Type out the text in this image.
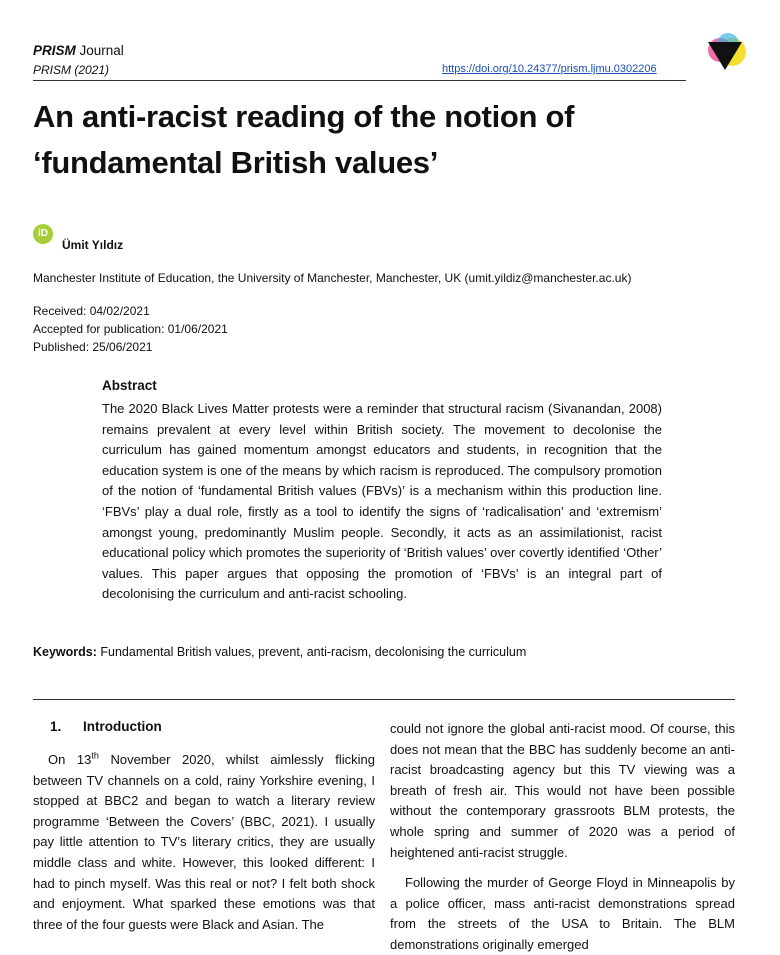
PRISM Journal
PRISM (2021)	https://doi.org/10.24377/prism.ljmu.0302206
An anti-racist reading of the notion of ‘fundamental British values’
iD
Ümit Yıldız
Manchester Institute of Education, the University of Manchester, Manchester, UK (umit.yildiz@manchester.ac.uk)
Received: 04/02/2021
Accepted for publication: 01/06/2021
Published: 25/06/2021
Abstract
The 2020 Black Lives Matter protests were a reminder that structural racism (Sivanandan, 2008) remains prevalent at every level within British society. The movement to decolonise the curriculum has gained momentum amongst educators and students, in recognition that the education system is one of the means by which racism is reproduced. The compulsory promotion of the notion of ‘fundamental British values (FBVs)’ is a mechanism within this production line. ‘FBVs’ play a dual role, firstly as a tool to identify the signs of ‘radicalisation’ and ‘extremism’ amongst young, predominantly Muslim people. Secondly, it acts as an assimilationist, racist educational policy which promotes the superiority of ‘British values’ over covertly identified ‘Other’ values. This paper argues that opposing the promotion of ‘FBVs’ is an integral part of decolonising the curriculum and anti-racist schooling.
Keywords: Fundamental British values, prevent, anti-racism, decolonising the curriculum
1. Introduction
On 13th November 2020, whilst aimlessly flicking between TV channels on a cold, rainy Yorkshire evening, I stopped at BBC2 and began to watch a literary review programme ‘Between the Covers’ (BBC, 2021). I usually pay little attention to TV’s literary critics, they are usually middle class and white. However, this looked different: I had to pinch myself. Was this real or not? I felt both shock and enjoyment. What sparked these emotions was that three of the four guests were Black and Asian. The
could not ignore the global anti-racist mood. Of course, this does not mean that the BBC has suddenly become an anti-racist broadcasting agency but this TV viewing was a breath of fresh air. This would not have been possible without the contemporary grassroots BLM protests, the whole spring and summer of 2020 was a period of heightened anti-racist struggle.
Following the murder of George Floyd in Minneapolis by a police officer, mass anti-racist demonstrations spread from the streets of the USA to Britain. The BLM demonstrations originally emerged
